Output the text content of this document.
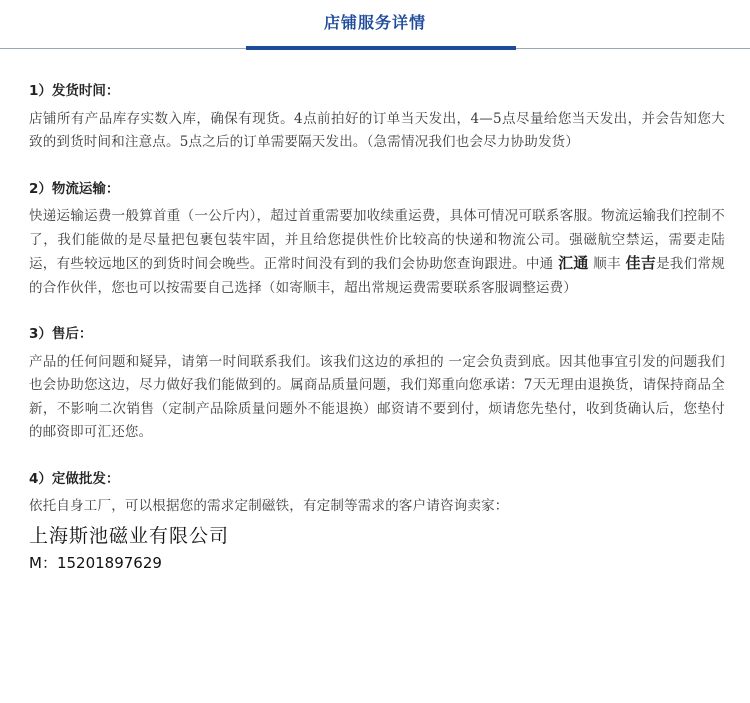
店铺服务详情
1）发货时间：
店铺所有产品库存实数入库，确保有现货。4点前拍好的订单当天发出，4—5点尽量给您当天发出，并会告知您大致的到货时间和注意点。5点之后的订单需要隔天发出。（急需情况我们也会尽力协助发货）
2）物流运输：
快递运输运费一般算首重（一公斤内），超过首重需要加收续重运费，具体可情况可联系客服。物流运输我们控制不了，我们能做的是尽量把包裹包装牢固，并且给您提供性价比较高的快递和物流公司。强磁航空禁运，需要走陆运，有些较远地区的到货时间会晚些。正常时间没有到的我们会协助您查询跟进。中通 汇通 顺丰 佳吉是我们常规的合作伙伴，您也可以按需要自己选择（如寄顺丰，超出常规运费需要联系客服调整运费）
3）售后：
产品的任何问题和疑异，请第一时间联系我们。该我们这边的承担的 一定会负责到底。因其他事宜引发的问题我们也会协助您这边，尽力做好我们能做到的。属商品质量问题，我们郑重向您承诺：7天无理由退换货，请保持商品全新，不影响二次销售（定制产品除质量问题外不能退换）邮资请不要到付，烦请您先垫付，收到货确认后，您垫付的邮资即可汇还您。
4）定做批发：
依托自身工厂，可以根据您的需求定制磁铁，有定制等需求的客户请咨询卖家：
上海斯池磁业有限公司
M：15201897629
